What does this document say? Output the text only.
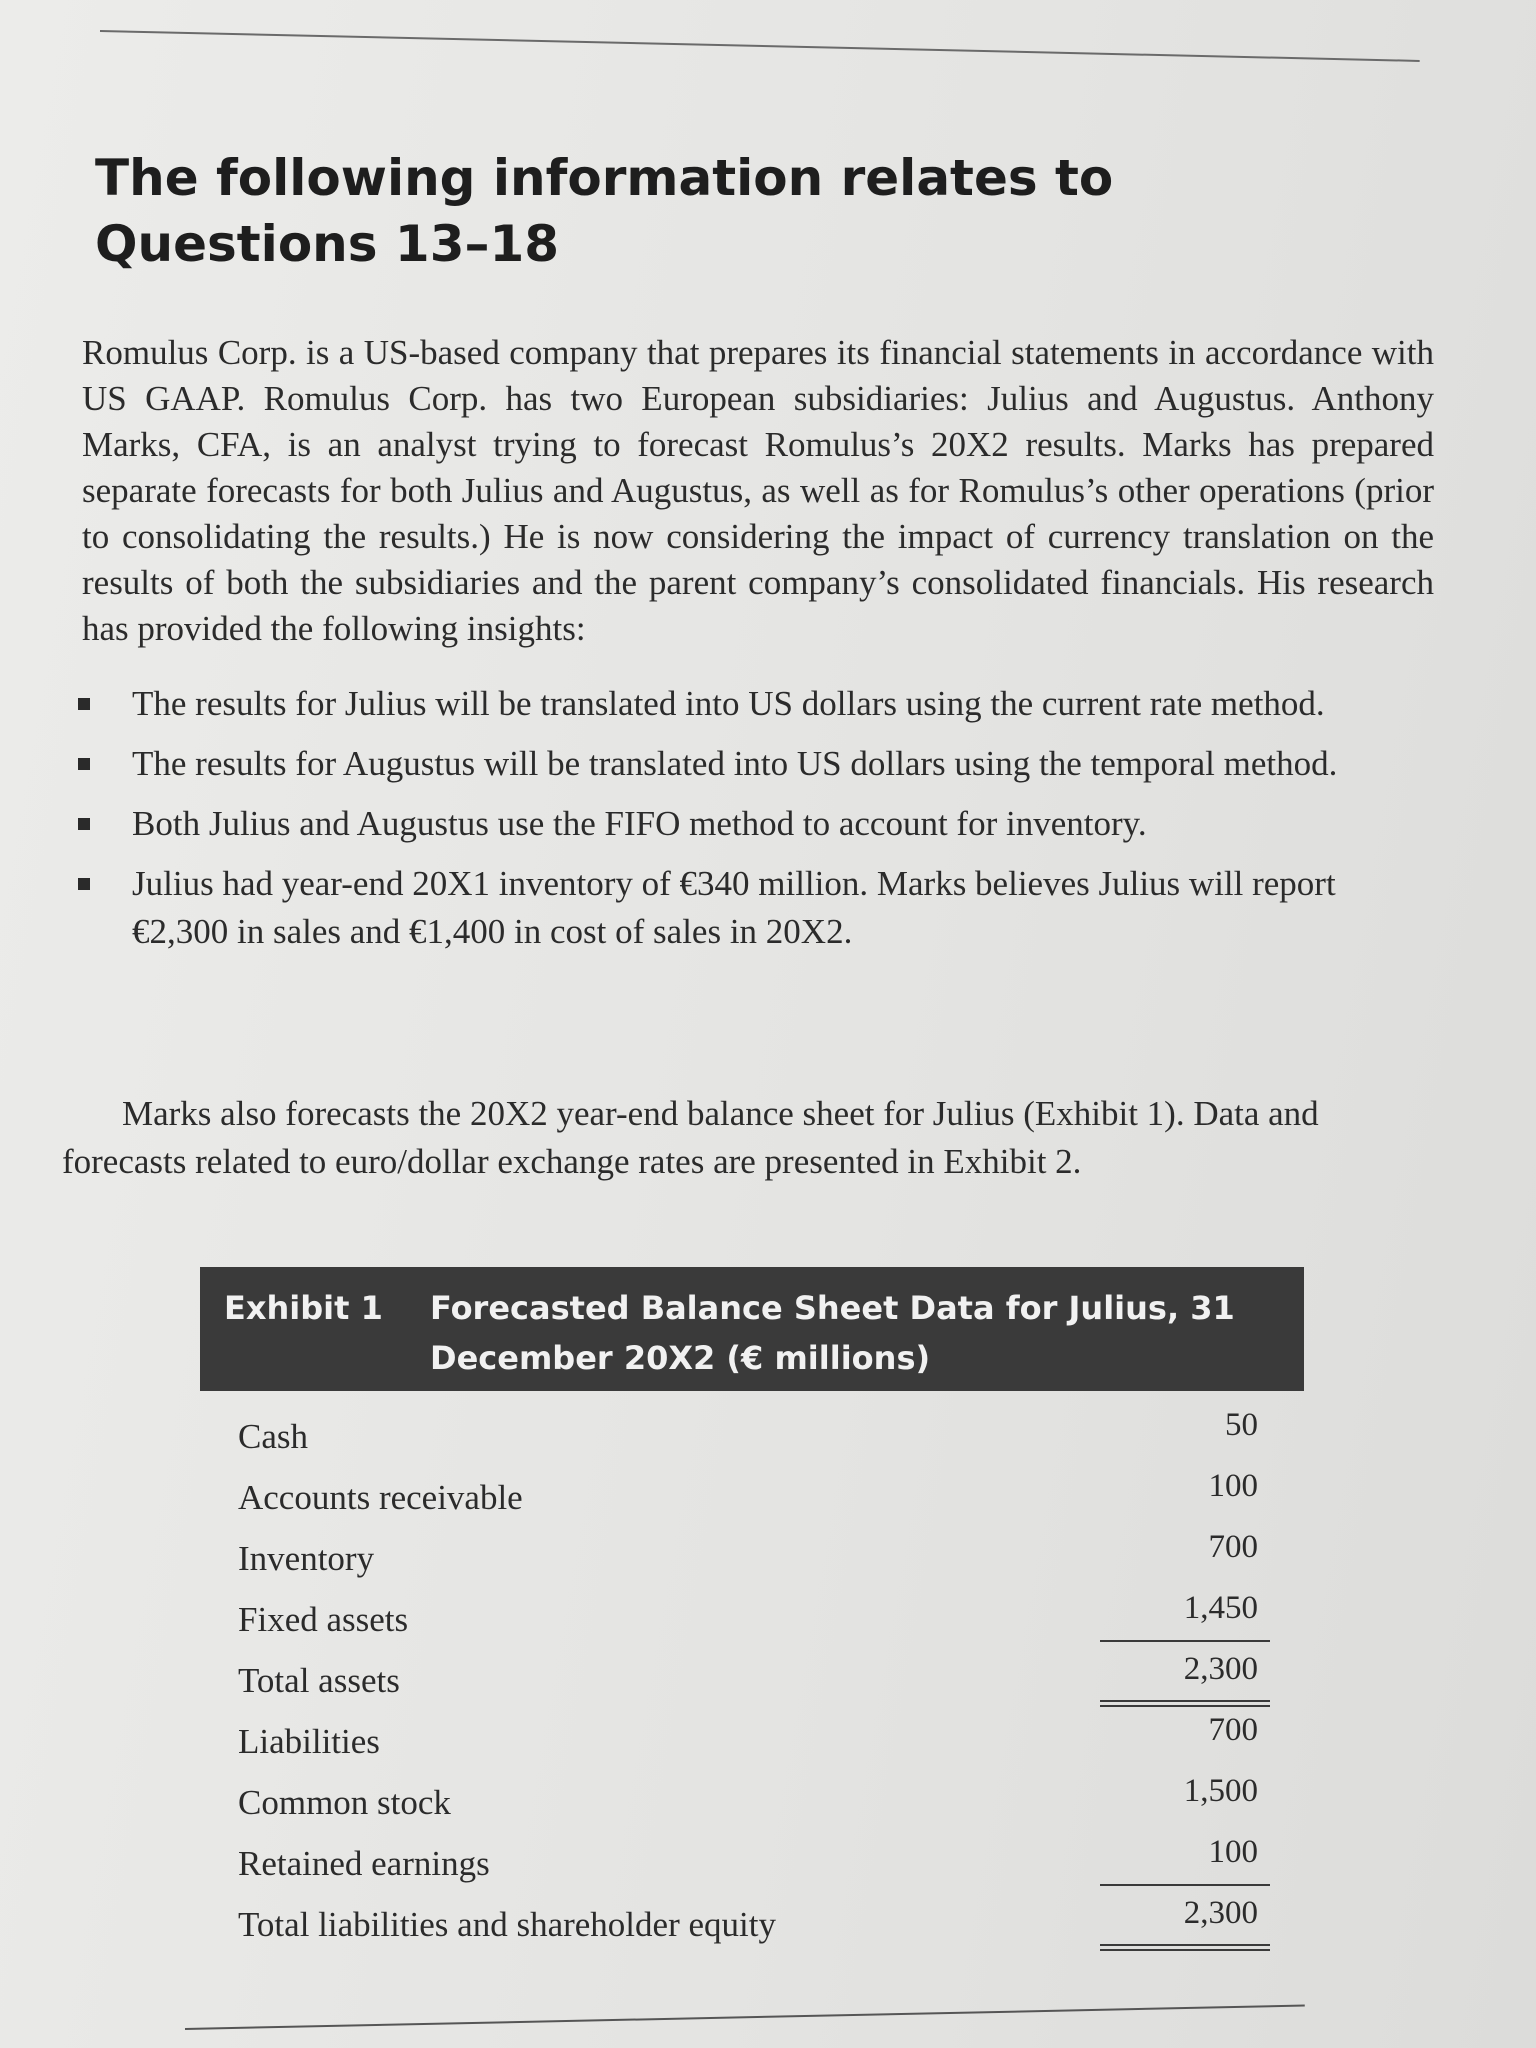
The following information relates to Questions 13–18

Romulus Corp. is a US-based company that prepares its financial statements in accordance with US GAAP. Romulus Corp. has two European subsidiaries: Julius and Augustus. Anthony Marks, CFA, is an analyst trying to forecast Romulus’s 20X2 results. Marks has prepared separate forecasts for both Julius and Augustus, as well as for Romulus’s other operations (prior to consolidating the results.) He is now considering the impact of currency translation on the results of both the subsidiaries and the parent company’s consolidated financials. His research has provided the following insights:

The results for Julius will be translated into US dollars using the current rate method.
The results for Augustus will be translated into US dollars using the temporal method.
Both Julius and Augustus use the FIFO method to account for inventory.
Julius had year-end 20X1 inventory of €340 million. Marks believes Julius will report €2,300 in sales and €1,400 in cost of sales in 20X2.

Marks also forecasts the 20X2 year-end balance sheet for Julius (Exhibit 1). Data and forecasts related to euro/dollar exchange rates are presented in Exhibit 2.

Exhibit 1 Forecasted Balance Sheet Data for Julius, 31 December 20X2 (€ millions)
Cash	50
Accounts receivable	100
Inventory	700
Fixed assets	1,450
Total assets	2,300
Liabilities	700
Common stock	1,500
Retained earnings	100
Total liabilities and shareholder equity	2,300
